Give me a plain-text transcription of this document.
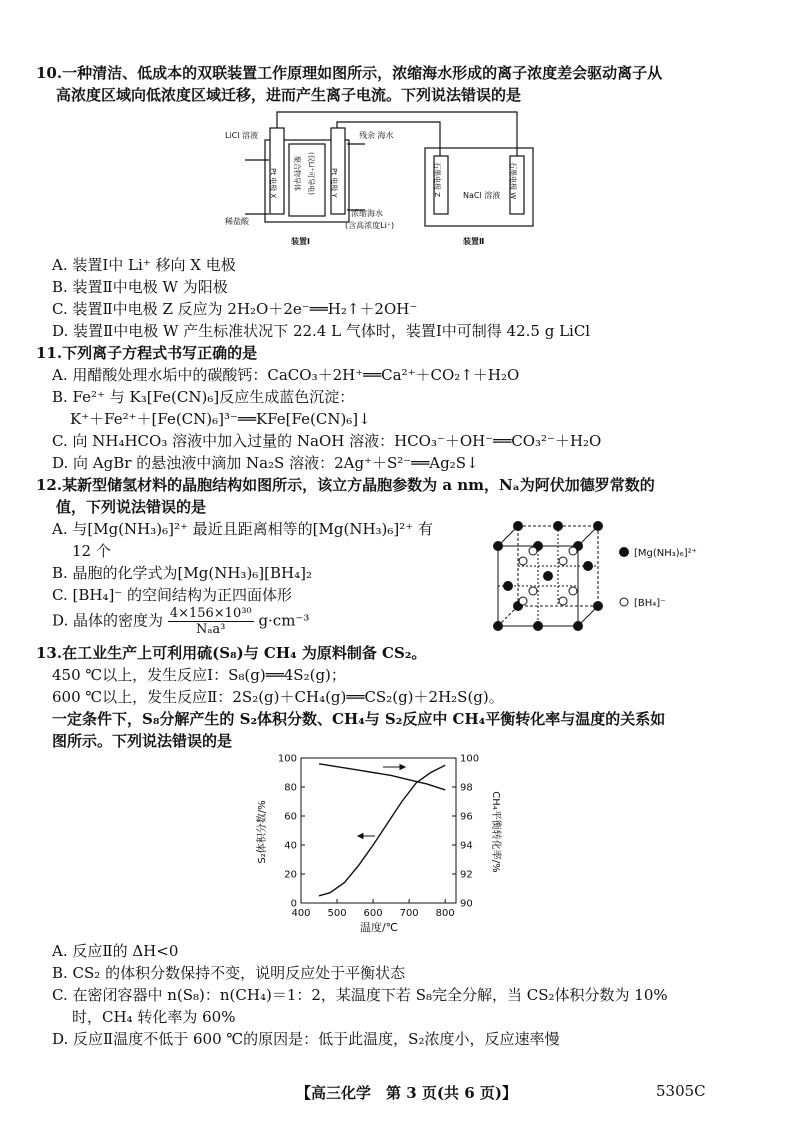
10.一种清洁、低成本的双联装置工作原理如图所示，浓缩海水形成的离子浓度差会驱动离子从
高浓度区域向低浓度区域迁移，进而产生离子电流。下列说法错误的是
LiCl 溶液
Pt 电极 X 聚合物导体 (仅Li⁺可导电) Pt 电极 Y
残余 海水
稀盐酸
浓缩海水
(含高浓度Li⁺)
装置Ⅰ
石墨电极 Z	石墨电极 W
NaCl 溶液
装置Ⅱ
A. 装置Ⅰ中 Li⁺ 移向 X 电极
B. 装置Ⅱ中电极 W 为阳极
C. 装置Ⅱ中电极 Z 反应为 2H₂O＋2e⁻══H₂↑＋2OH⁻
D. 装置Ⅱ中电极 W 产生标准状况下 22.4 L 气体时，装置Ⅰ中可制得 42.5 g LiCl
11.下列离子方程式书写正确的是
A. 用醋酸处理水垢中的碳酸钙：CaCO₃＋2H⁺══Ca²⁺＋CO₂↑＋H₂O
B. Fe²⁺ 与 K₃[Fe(CN)₆]反应生成蓝色沉淀：
K⁺＋Fe²⁺＋[Fe(CN)₆]³⁻══KFe[Fe(CN)₆]↓
C. 向 NH₄HCO₃ 溶液中加入过量的 NaOH 溶液：HCO₃⁻＋OH⁻══CO₃²⁻＋H₂O
D. 向 AgBr 的悬浊液中滴加 Na₂S 溶液：2Ag⁺＋S²⁻══Ag₂S↓
12.某新型储氢材料的晶胞结构如图所示，该立方晶胞参数为 a nm，Nₐ为阿伏加德罗常数的
值，下列说法错误的是
A. 与[Mg(NH₃)₆]²⁺ 最近且距离相等的[Mg(NH₃)₆]²⁺ 有
12 个
B. 晶胞的化学式为[Mg(NH₃)₆][BH₄]₂
C. [BH₄]⁻ 的空间结构为正四面体形
D. 晶体的密度为 $\frac{\text{4×156×10³⁰}}{\text{Nₐa³}} g\cdot cm^{-3}$
[Mg(NH₃)₆]²⁺
[BH₄]⁻
13.在工业生产上可利用硫(S₈)与 CH₄ 为原料制备 CS₂。
450 ℃以上，发生反应Ⅰ：S₈(g)══4S₂(g)；
600 ℃以上，发生反应Ⅱ：2S₂(g)＋CH₄(g)══CS₂(g)＋2H₂S(g)。
一定条件下，S₈分解产生的 S₂体积分数、CH₄与 S₂反应中 CH₄平衡转化率与温度的关系如
图所示。下列说法错误的是
400 500 600 700 800
0
20
40
60
80
100
90
92
94
96
98
100
S₂体积分数/%	CH₄平衡转化率/%
温度/℃
A. 反应Ⅱ的 ΔH<0
B. CS₂ 的体积分数保持不变，说明反应处于平衡状态
C. 在密闭容器中 n(S₈)：n(CH₄)＝1：2，某温度下若 S₈完全分解，当 CS₂体积分数为 10%
时，CH₄ 转化率为 60%
D. 反应Ⅱ温度不低于 600 ℃的原因是：低于此温度，S₂浓度小，反应速率慢
【高三化学　第 3 页(共 6 页)】	5305C
